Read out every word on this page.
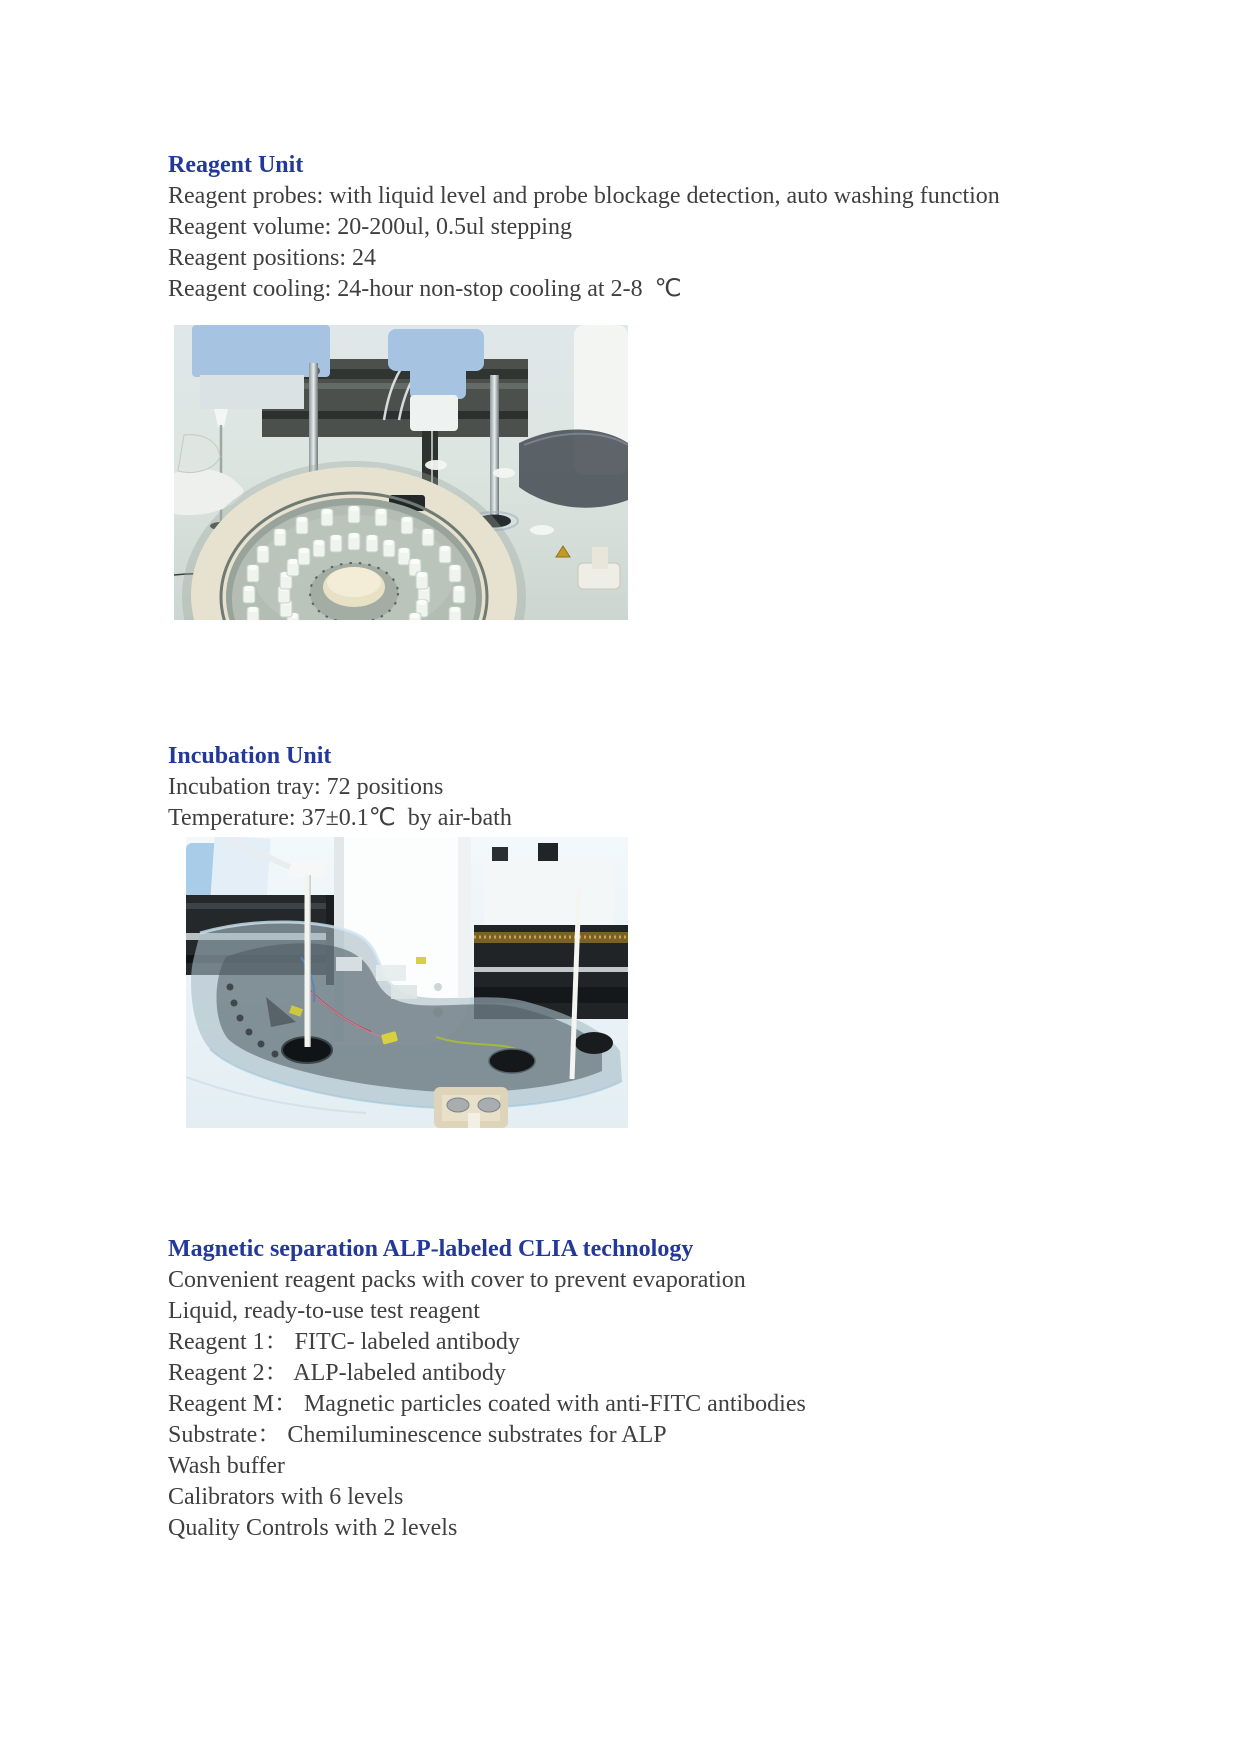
Reagent Unit

Reagent probes: with liquid level and probe blockage detection, auto washing function

Reagent volume: 20-200ul, 0.5ul stepping

Reagent positions: 24

Reagent cooling: 24-hour non-stop cooling at 2-8  ℃

Incubation Unit

Incubation tray: 72 positions

Temperature: 37±0.1℃  by air-bath

Magnetic separation ALP-labeled CLIA technology

Convenient reagent packs with cover to prevent evaporation

Liquid, ready-to-use test reagent

Reagent 1： FITC- labeled antibody

Reagent 2： ALP-labeled antibody

Reagent M： Magnetic particles coated with anti-FITC antibodies

Substrate： Chemiluminescence substrates for ALP

Wash buffer

Calibrators with 6 levels

Quality Controls with 2 levels
